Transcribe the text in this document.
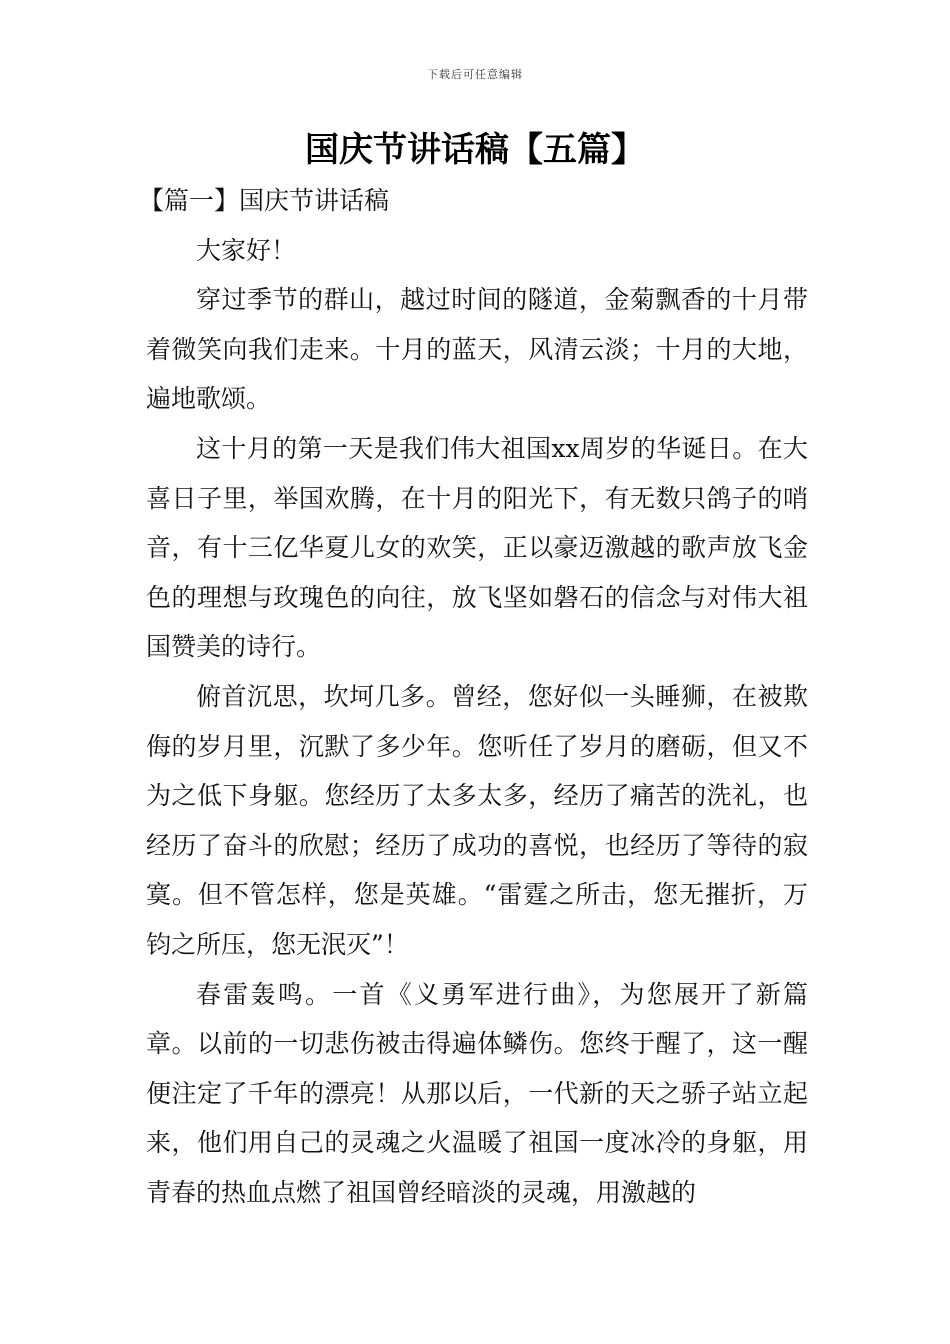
下载后可任意编辑
国庆节讲话稿【五篇】

【篇一】国庆节讲话稿

大家好！

穿过季节的群山，越过时间的隧道，金菊飘香的十月带着微笑向我们走来。十月的蓝天，风清云淡；十月的大地，遍地歌颂。

这十月的第一天是我们伟大祖国xx周岁的华诞日。在大喜日子里，举国欢腾，在十月的阳光下，有无数只鸽子的哨音，有十三亿华夏儿女的欢笑，正以豪迈激越的歌声放飞金色的理想与玫瑰色的向往，放飞坚如磐石的信念与对伟大祖国赞美的诗行。

俯首沉思，坎坷几多。曾经，您好似一头睡狮，在被欺侮的岁月里，沉默了多少年。您听任了岁月的磨砺，但又不为之低下身躯。您经历了太多太多，经历了痛苦的洗礼，也经历了奋斗的欣慰；经历了成功的喜悦，也经历了等待的寂寞。但不管怎样，您是英雄。“雷霆之所击，您无摧折，万钧之所压，您无泯灭”！

春雷轰鸣。一首《义勇军进行曲》，为您展开了新篇章。以前的一切悲伤被击得遍体鳞伤。您终于醒了，这一醒便注定了千年的漂亮！从那以后，一代新的天之骄子站立起来，他们用自己的灵魂之火温暖了祖国一度冰冷的身躯，用青春的热血点燃了祖国曾经暗淡的灵魂，用激越的
